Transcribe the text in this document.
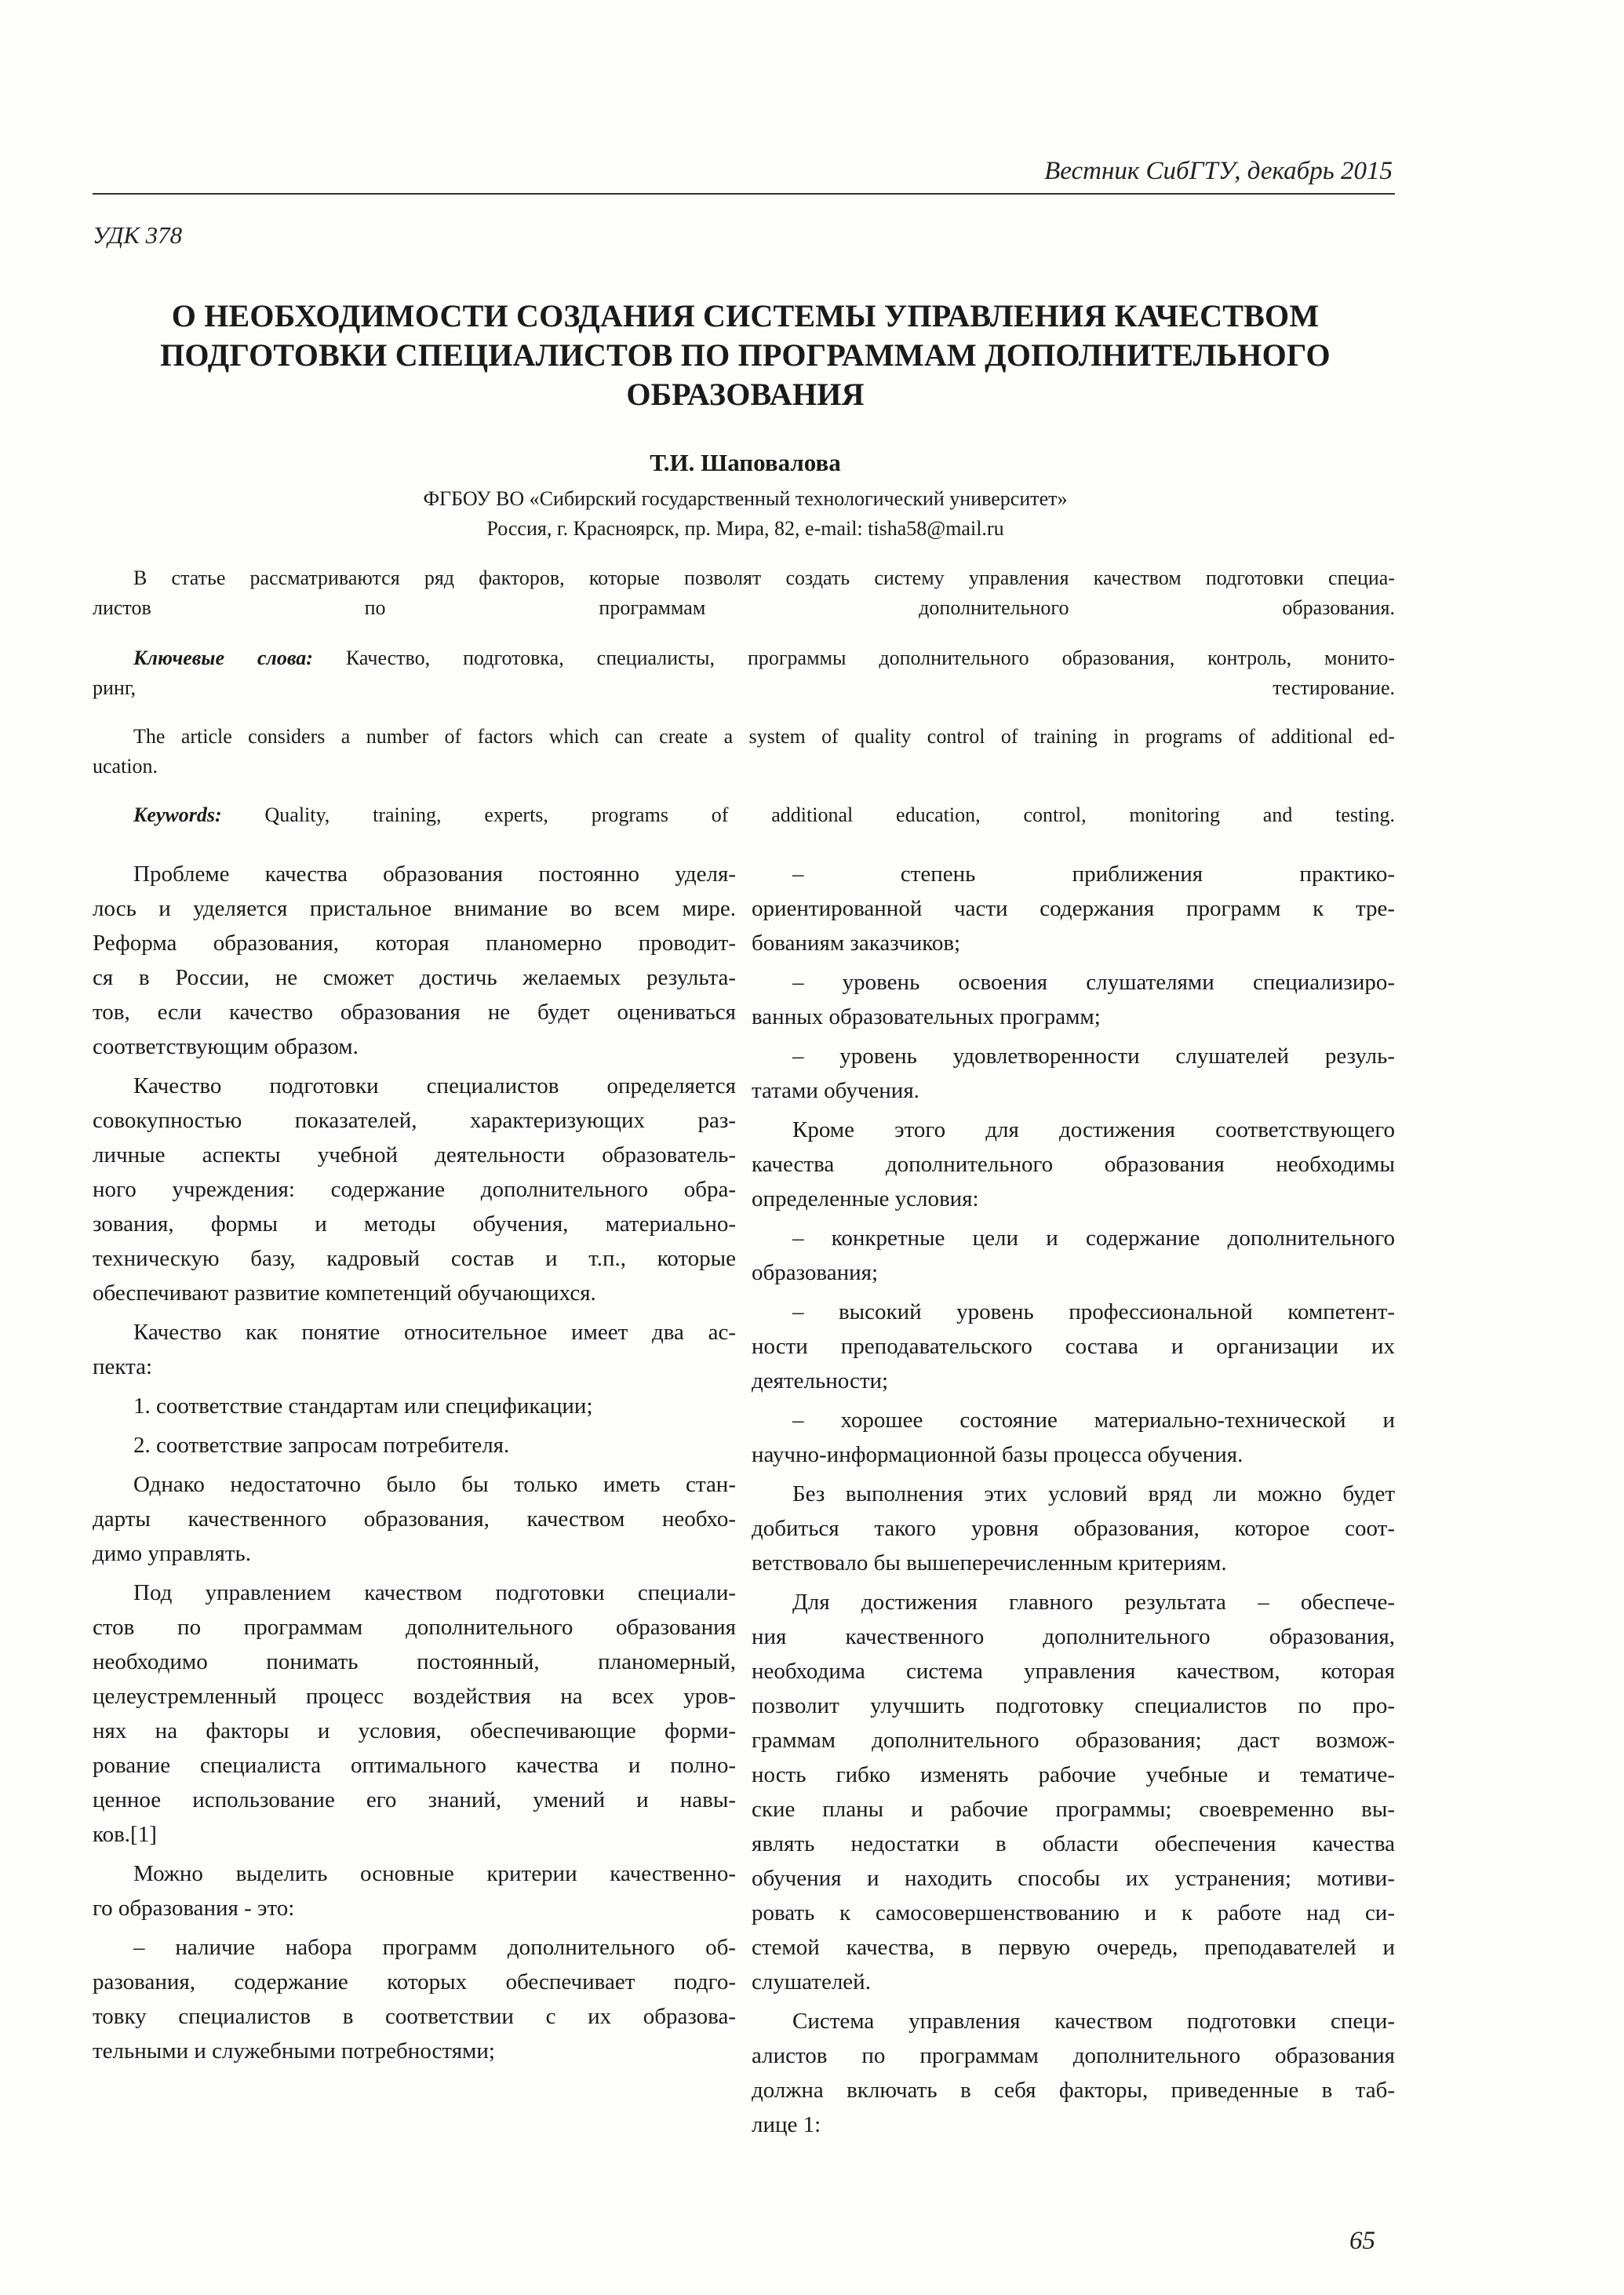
Вестник СибГТУ, декабрь 2015
УДК 378
О НЕОБХОДИМОСТИ СОЗДАНИЯ СИСТЕМЫ УПРАВЛЕНИЯ КАЧЕСТВОМ
ПОДГОТОВКИ СПЕЦИАЛИСТОВ ПО ПРОГРАММАМ ДОПОЛНИТЕЛЬНОГО
ОБРАЗОВАНИЯ
Т.И. Шаповалова
ФГБОУ ВО «Сибирский государственный технологический университет»
Россия, г. Красноярск, пр. Мира, 82, e-mail: tisha58@mail.ru
В статье рассматриваются ряд факторов, которые позволят создать систему управления качеством подготовки специа-
листов по программам дополнительного образования.
Ключевые слова: Качество, подготовка, специалисты, программы дополнительного образования, контроль, монито-
ринг, тестирование.
The article considers a number of factors which can create a system of quality control of training in programs of additional ed-
ucation.
Keywords: Quality, training, experts, programs of additional education, control, monitoring and testing.
Проблеме качества образования постоянно уделя-
лось и уделяется пристальное внимание во всем мире.
Реформа образования, которая планомерно проводит-
ся в России, не сможет достичь желаемых результа-
тов, если качество образования не будет оцениваться
соответствующим образом.
Качество подготовки специалистов определяется
совокупностью показателей, характеризующих раз-
личные аспекты учебной деятельности образователь-
ного учреждения: содержание дополнительного обра-
зования, формы и методы обучения, материально-
техническую базу, кадровый состав и т.п., которые
обеспечивают развитие компетенций обучающихся.
Качество как понятие относительное имеет два ас-
пекта:
1. соответствие стандартам или спецификации;
2. соответствие запросам потребителя.
Однако недостаточно было бы только иметь стан-
дарты качественного образования, качеством необхо-
димо управлять.
Под управлением качеством подготовки специали-
стов по программам дополнительного образования
необходимо понимать постоянный, планомерный,
целеустремленный процесс воздействия на всех уров-
нях на факторы и условия, обеспечивающие форми-
рование специалиста оптимального качества и полно-
ценное использование его знаний, умений и навы-
ков.[1]
Можно выделить основные критерии качественно-
го образования - это:
– наличие набора программ дополнительного об-
разования, содержание которых обеспечивает подго-
товку специалистов в соответствии с их образова-
тельными и служебными потребностями;
– степень приближения практико-
ориентированной части содержания программ к тре-
бованиям заказчиков;
– уровень освоения слушателями специализиро-
ванных образовательных программ;
– уровень удовлетворенности слушателей резуль-
татами обучения.
Кроме этого для достижения соответствующего
качества дополнительного образования необходимы
определенные условия:
– конкретные цели и содержание дополнительного
образования;
– высокий уровень профессиональной компетент-
ности преподавательского состава и организации их
деятельности;
– хорошее состояние материально-технической и
научно-информационной базы процесса обучения.
Без выполнения этих условий вряд ли можно будет
добиться такого уровня образования, которое соот-
ветствовало бы вышеперечисленным критериям.
Для достижения главного результата – обеспече-
ния качественного дополнительного образования,
необходима система управления качеством, которая
позволит улучшить подготовку специалистов по про-
граммам дополнительного образования; даст возмож-
ность гибко изменять рабочие учебные и тематиче-
ские планы и рабочие программы; своевременно вы-
являть недостатки в области обеспечения качества
обучения и находить способы их устранения; мотиви-
ровать к самосовершенствованию и к работе над си-
стемой качества, в первую очередь, преподавателей и
слушателей.
Система управления качеством подготовки специ-
алистов по программам дополнительного образования
должна включать в себя факторы, приведенные в таб-
лице 1:
65
